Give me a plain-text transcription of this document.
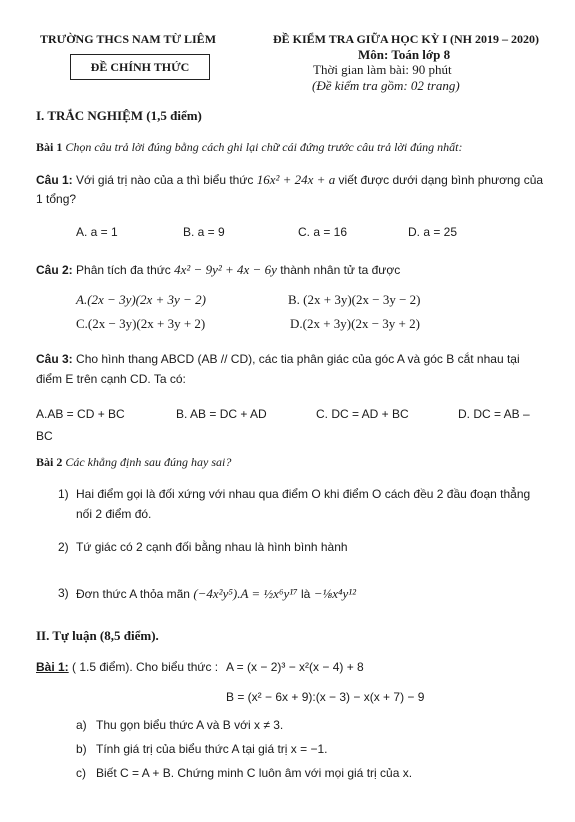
TRƯỜNG THCS NAM TỪ LIÊM
ĐỀ CHÍNH THỨC
ĐỀ KIỂM TRA GIỮA HỌC KỲ I (NH 2019 – 2020)
Môn: Toán lớp 8
Thời gian làm bài: 90 phút
(Đề kiểm tra gồm: 02 trang)
I. TRẮC NGHIỆM (1,5 điểm)
Bài 1 Chọn câu trả lời đúng bằng cách ghi lại chữ cái đứng trước câu trả lời đúng nhất:
Câu 1: Với giá trị nào của a thì biểu thức 16x² + 24x + a viết được dưới dạng bình phương của
1 tổng?
A. a = 1	B. a = 9	C. a = 16	D. a = 25
Câu 2: Phân tích đa thức 4x² − 9y² + 4x − 6y thành nhân tử ta được
A.(2x − 3y)(2x + 3y − 2)	B. (2x + 3y)(2x − 3y − 2)
C.(2x − 3y)(2x + 3y + 2)	D.(2x + 3y)(2x − 3y + 2)
Câu 3: Cho hình thang ABCD (AB // CD), các tia phân giác của góc A và góc B cắt nhau tại
điểm E trên cạnh CD. Ta có:
A.AB = CD + BC	B. AB = DC + AD	C. DC = AD + BC	D. DC = AB –
BC
Bài 2 Các khẳng định sau đúng hay sai?
1) Hai điểm gọi là đối xứng với nhau qua điểm O khi điểm O cách đều 2 đầu đoạn thẳng
nối 2 điểm đó.
2) Tứ giác có 2 cạnh đối bằng nhau là hình bình hành
3) Đơn thức A thỏa mãn (−4x²y⁵).A = ½x⁶y¹⁷ là −⅛x⁴y¹²
II. Tự luận (8,5 điểm).
Bài 1: ( 1.5 điểm). Cho biểu thức : A = (x − 2)³ − x²(x − 4) + 8
B = (x² − 6x + 9):(x − 3) − x(x + 7) − 9
a) Thu gọn biểu thức A và B với x ≠ 3.
b) Tính giá trị của biểu thức A tại giá trị x = −1.
c) Biết C = A + B. Chứng minh C luôn âm với mọi giá trị của x.
